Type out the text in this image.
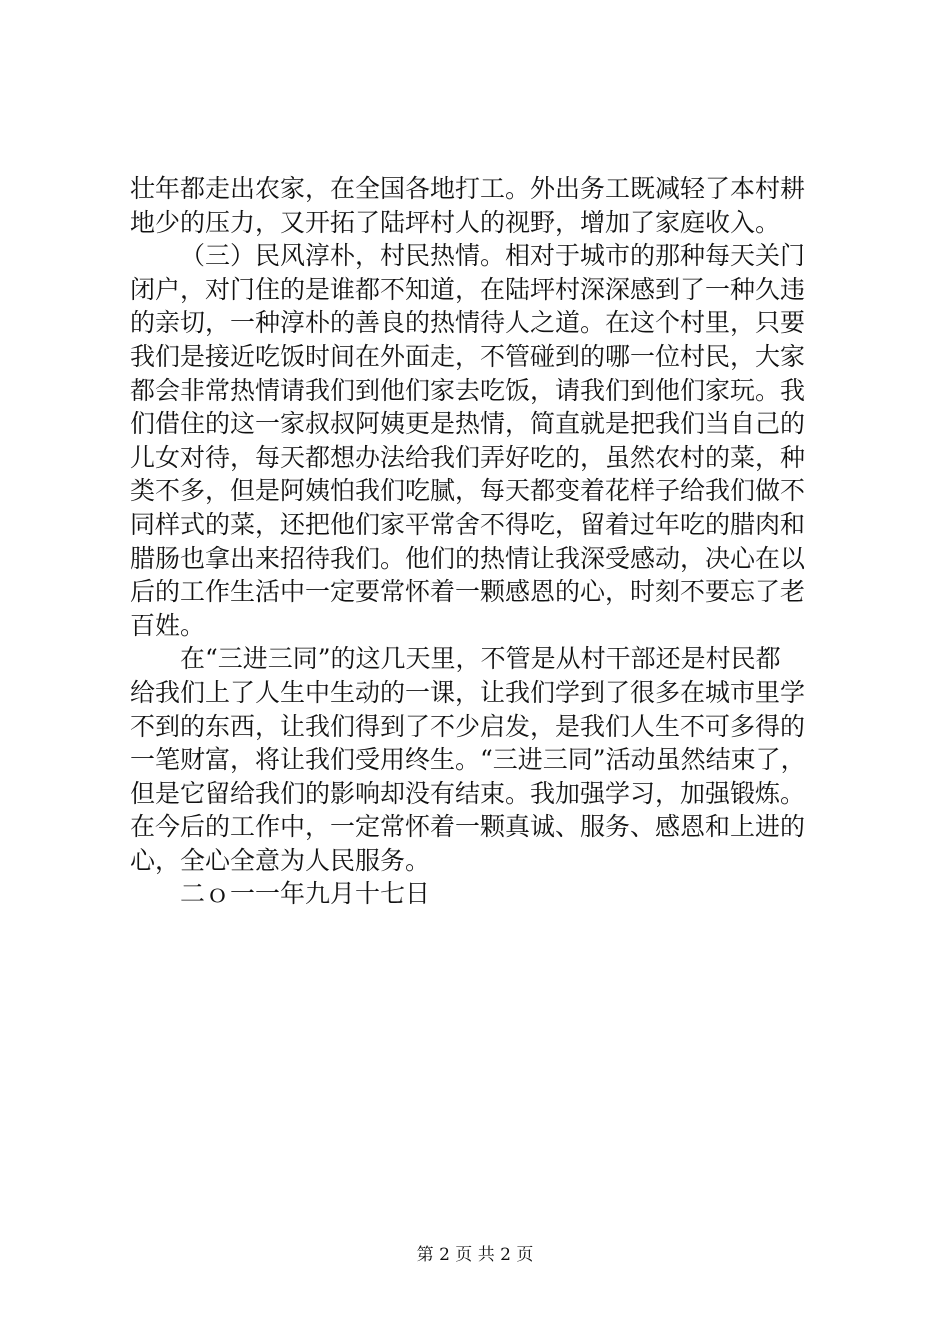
壮年都走出农家，在全国各地打工。外出务工既减轻了本村耕
地少的压力，又开拓了陆坪村人的视野，增加了家庭收入。
（三）民风淳朴，村民热情。相对于城市的那种每天关门
闭户，对门住的是谁都不知道，在陆坪村深深感到了一种久违
的亲切，一种淳朴的善良的热情待人之道。在这个村里，只要
我们是接近吃饭时间在外面走，不管碰到的哪一位村民，大家
都会非常热情请我们到他们家去吃饭，请我们到他们家玩。我
们借住的这一家叔叔阿姨更是热情，简直就是把我们当自己的
儿女对待，每天都想办法给我们弄好吃的，虽然农村的菜，种
类不多，但是阿姨怕我们吃腻，每天都变着花样子给我们做不
同样式的菜，还把他们家平常舍不得吃，留着过年吃的腊肉和
腊肠也拿出来招待我们。他们的热情让我深受感动，决心在以
后的工作生活中一定要常怀着一颗感恩的心，时刻不要忘了老
百姓。
在“三进三同”的这几天里，不管是从村干部还是村民都
给我们上了人生中生动的一课，让我们学到了很多在城市里学
不到的东西，让我们得到了不少启发，是我们人生不可多得的
一笔财富，将让我们受用终生。“三进三同”活动虽然结束了，
但是它留给我们的影响却没有结束。我加强学习，加强锻炼。
在今后的工作中，一定常怀着一颗真诚、服务、感恩和上进的
心，全心全意为人民服务。
二ｏ一一年九月十七日
第 2 页 共 2 页
